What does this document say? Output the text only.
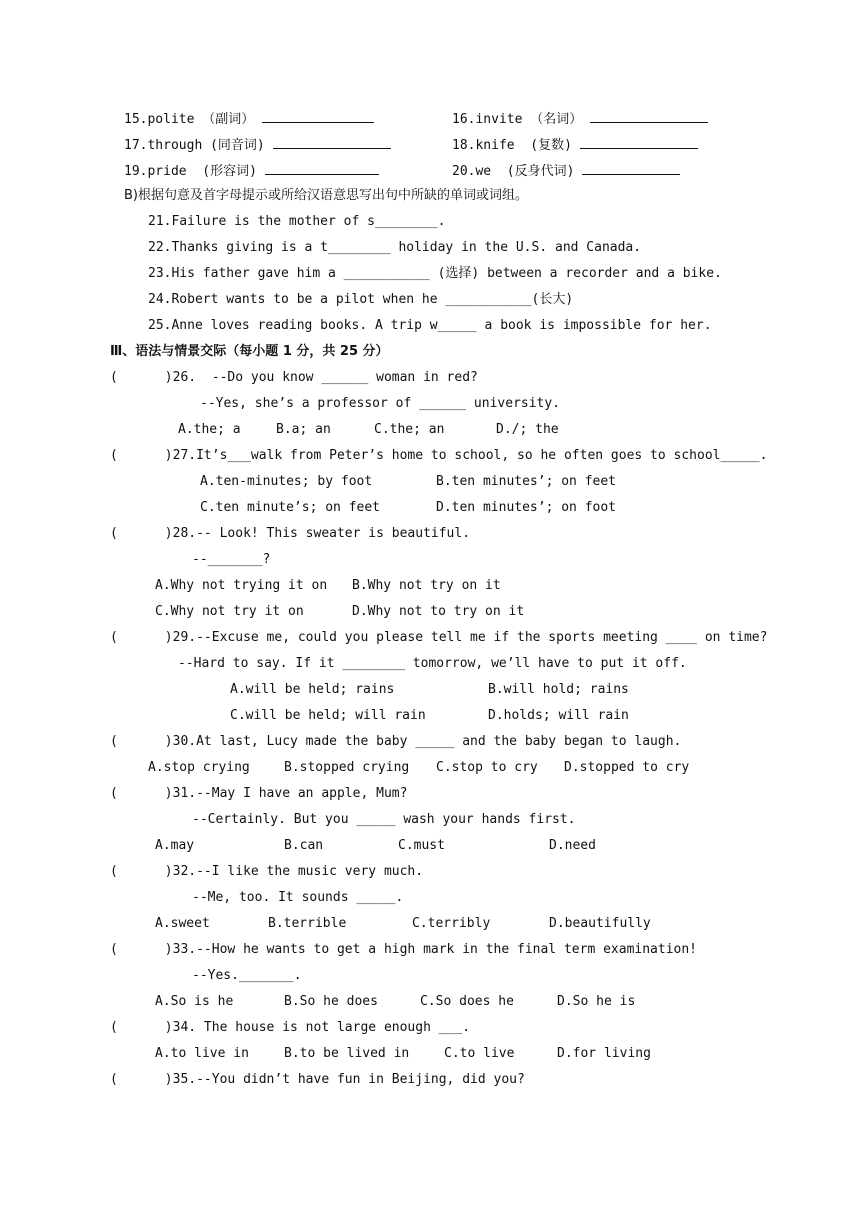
15.polite （副词）	16.invite （名词）
17.through (同音词)	18.knife  (复数)
19.pride  (形容词)	20.we  (反身代词)
B)根据句意及首字母提示或所给汉语意思写出句中所缺的单词或词组。
21.Failure is the mother of s________.
22.Thanks giving is a t________ holiday in the U.S. and Canada.
23.His father gave him a ___________ (选择) between a recorder and a bike.
24.Robert wants to be a pilot when he ___________(长大)
25.Anne loves reading books. A trip w_____ a book is impossible for her.
Ⅲ、语法与情景交际（每小题 1 分，共 25 分）
(      )26.  --Do you know ______ woman in red?
--Yes, she’s a professor of ______ university.
A.the; a	B.a; an	C.the; an	D./; the
(      )27.It’s___walk from Peter’s home to school, so he often goes to school_____.
A.ten-minutes; by foot	B.ten minutes’; on feet
C.ten minute’s; on feet	D.ten minutes’; on foot
(      )28.-- Look! This sweater is beautiful.
--_______?
A.Why not trying it on B.Why not try on it
C.Why not try it on	D.Why not to try on it
(      )29.--Excuse me, could you please tell me if the sports meeting ____ on time?
--Hard to say. If it ________ tomorrow, we’ll have to put it off.
A.will be held; rains	B.will hold; rains
C.will be held; will rain	D.holds; will rain
(      )30.At last, Lucy made the baby _____ and the baby began to laugh.
A.stop crying	B.stopped crying C.stop to cry D.stopped to cry
(      )31.--May I have an apple, Mum?
--Certainly. But you _____ wash your hands first.
A.may	B.can	C.must	D.need
(      )32.--I like the music very much.
--Me, too. It sounds _____.
A.sweet	B.terrible	C.terribly	D.beautifully
(      )33.--How he wants to get a high mark in the final term examination!
--Yes._______.
A.So is he	B.So he does	C.So does he	D.So he is
(      )34. The house is not large enough ___.
A.to live in	B.to be lived in	C.to live	D.for living
(      )35.--You didn’t have fun in Beijing, did you?
